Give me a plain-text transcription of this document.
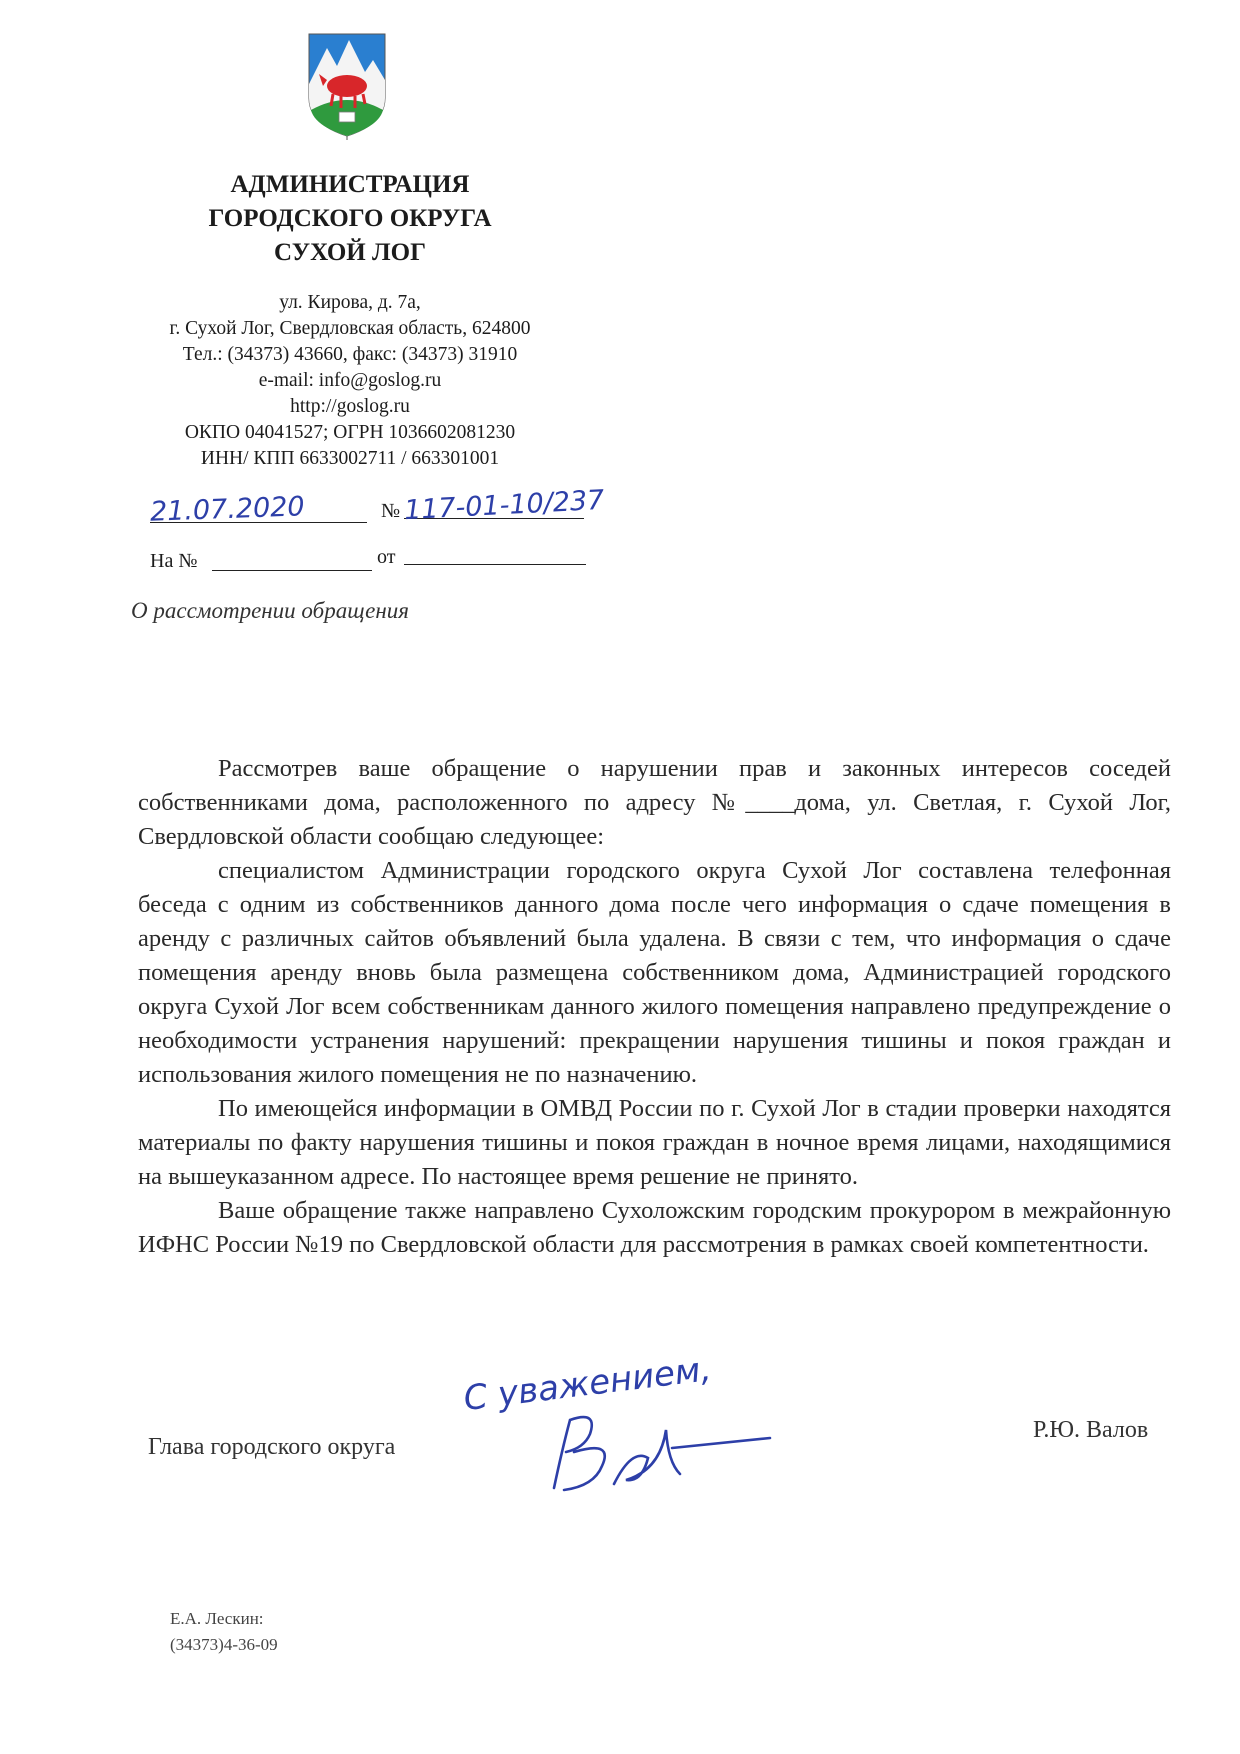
АДМИНИСТРАЦИЯ
ГОРОДСКОГО ОКРУГА
СУХОЙ ЛОГ
ул. Кирова, д. 7а,
г. Сухой Лог, Свердловская область, 624800
Тел.: (34373) 43660, факс: (34373) 31910
e-mail: info@goslog.ru
http://goslog.ru
ОКПО 04041527; ОГРН 1036602081230
ИНН/ КПП 6633002711 / 663301001
21.07.2020	№ 117-01-10/237
На №	от
О рассмотрении обращения

Рассмотрев ваше обращение о нарушении прав и законных интересов соседей собственниками дома, расположенного по адресу №____дома, ул. Светлая, г. Сухой Лог, Свердловской области сообщаю следующее:

специалистом Администрации городского округа Сухой Лог составлена телефонная беседа с одним из собственников данного дома после чего информация о сдаче помещения в аренду с различных сайтов объявлений была удалена. В связи с тем, что информация о сдаче помещения аренду вновь была размещена собственником дома, Администрацией городского округа Сухой Лог всем собственникам данного жилого помещения направлено предупреждение о необходимости устранения нарушений: прекращении нарушения тишины и покоя граждан и использования жилого помещения не по назначению.

По имеющейся информации в ОМВД России по г. Сухой Лог в стадии проверки находятся материалы по факту нарушения тишины и покоя граждан в ночное время лицами, находящимися на вышеуказанном адресе. По настоящее время решение не принято.

Ваше обращение также направлено Сухоложским городским прокурором в межрайонную ИФНС России №19 по Свердловской области для рассмотрения в рамках своей компетентности.

Глава городского округа
С уважением,
Р.Ю. Валов
Е.А. Лескин:
(34373)4-36-09
